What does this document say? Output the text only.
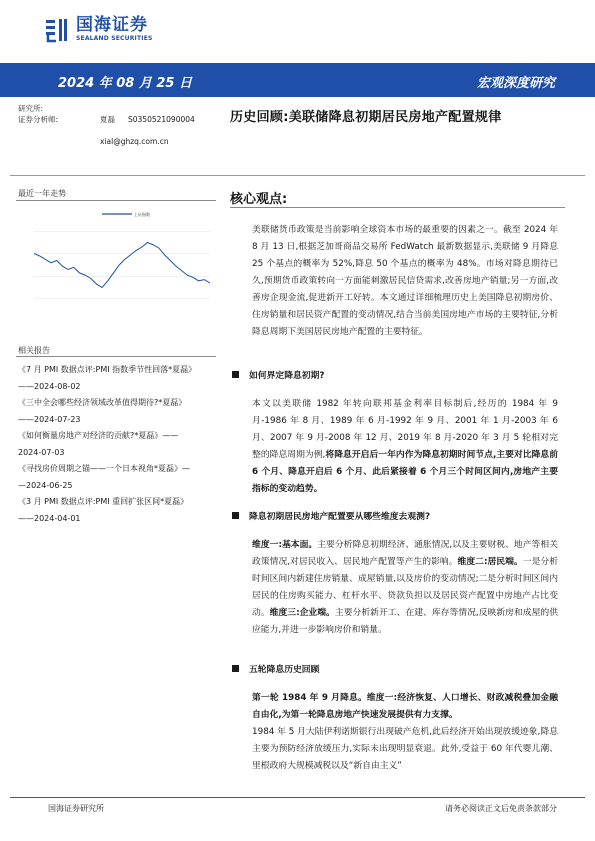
国海证券
SEALAND SECURITIES
2024 年 08 月 25 日	宏观深度研究
研究所:
证券分析师:	夏磊 S0350521090004
xial@ghzq.com.cn
历史回顾:美联储降息初期居民房地产配置规律
最近一年走势
上证指数
相关报告
《7 月 PMI 数据点评:PMI 指数季节性回落*夏磊》
——2024-08-02
《三中全会哪些经济领域改革值得期待?*夏磊》
——2024-07-23
《如何衡量房地产对经济的贡献?*夏磊》——
2024-07-03
《寻找房价周期之锚——一个日本视角*夏磊》—
—2024-06-25
《3 月 PMI 数据点评:PMI 重回扩张区间*夏磊》
——2024-04-01
核心观点:
美联储货币政策是当前影响全球资本市场的最重要的因素之一。截至 2024 年 8 月 13 日,根据芝加哥商品交易所 FedWatch 最新数据显示,美联储 9 月降息 25 个基点的概率为 52%,降息 50 个基点的概率为 48%。市场对降息期待已久,预期货币政策转向一方面能刺激居民信贷需求,改善房地产销量;另一方面,改善房企现金流,促进新开工好转。本文通过详细梳理历史上美国降息初期房价、住房销量和居民资产配置的变动情况,结合当前美国房地产市场的主要特征,分析降息周期下美国居民房地产配置的主要特征。
如何界定降息初期?
本文以美联储 1982 年转向联邦基金利率目标制后,经历的 1984 年 9 月-1986 年 8 月、1989 年 6 月-1992 年 9 月、2001 年 1 月-2003 年 6 月、2007 年 9 月-2008 年 12 月、2019 年 8 月-2020 年 3 月 5 轮相对完整的降息周期为例,将降息开启后一年内作为降息初期时间节点,主要对比降息前 6 个月、降息开启后 6 个月、此后紧接着 6 个月三个时间区间内,房地产主要指标的变动趋势。
降息初期居民房地产配置要从哪些维度去观测?
维度一:基本面。主要分析降息初期经济、通胀情况,以及主要财税、地产等相关政策情况,对居民收入、居民地产配置等产生的影响。维度二:居民端。一是分析时间区间内新建住房销量、成屋销量,以及房价的变动情况;二是分析时间区间内居民的住房购买能力、杠杆水平、贷款负担以及居民资产配置中房地产占比变动。维度三:企业端。主要分析新开工、在建、库存等情况,反映新房和成屋的供应能力,并进一步影响房价和销量。
五轮降息历史回顾
第一轮 1984 年 9 月降息。维度一:经济恢复、人口增长、财政减税叠加金融自由化,为第一轮降息房地产快速发展提供有力支撑。
1984 年 5 月大陆伊利诺斯银行出现破产危机,此后经济开始出现放缓迹象,降息主要为预防经济放缓压力,实际未出现明显衰退。此外,受益于 60 年代婴儿潮、里根政府大规模减税以及“新自由主义”
国海证券研究所	请务必阅读正文后免责条款部分
